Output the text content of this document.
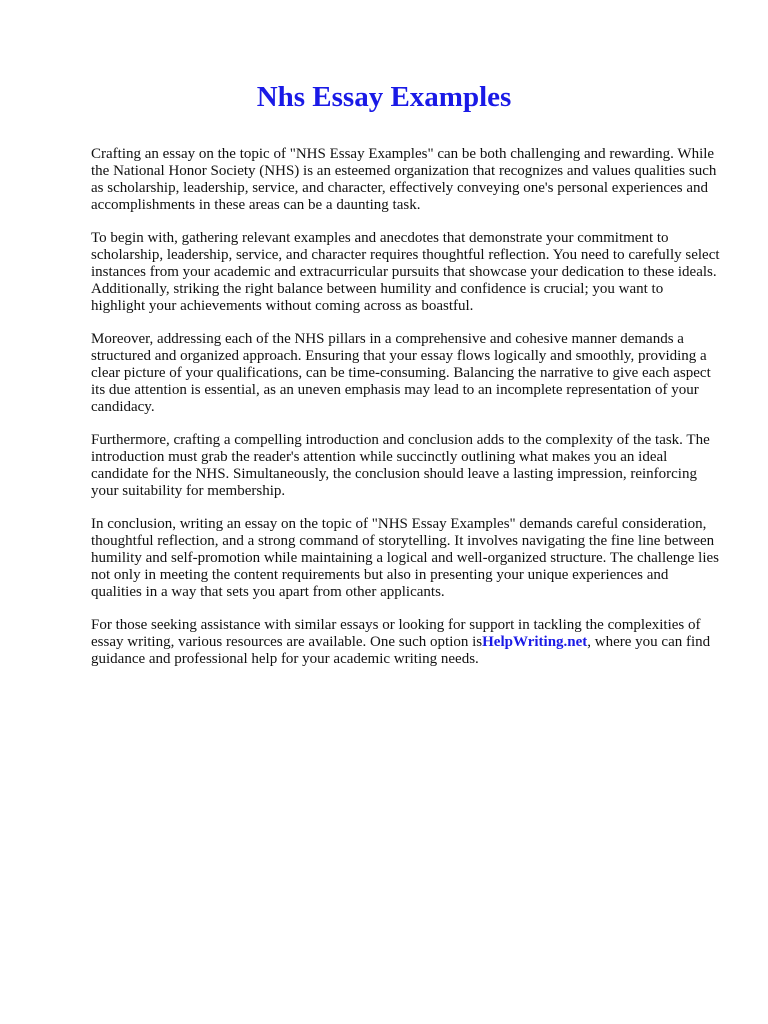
Nhs Essay Examples

Crafting an essay on the topic of "NHS Essay Examples" can be both challenging and rewarding. While the National Honor Society (NHS) is an esteemed organization that recognizes and values qualities such as scholarship, leadership, service, and character, effectively conveying one's personal experiences and accomplishments in these areas can be a daunting task.

To begin with, gathering relevant examples and anecdotes that demonstrate your commitment to scholarship, leadership, service, and character requires thoughtful reflection. You need to carefully select instances from your academic and extracurricular pursuits that showcase your dedication to these ideals. Additionally, striking the right balance between humility and confidence is crucial; you want to highlight your achievements without coming across as boastful.

Moreover, addressing each of the NHS pillars in a comprehensive and cohesive manner demands a structured and organized approach. Ensuring that your essay flows logically and smoothly, providing a clear picture of your qualifications, can be time-consuming. Balancing the narrative to give each aspect its due attention is essential, as an uneven emphasis may lead to an incomplete representation of your candidacy.

Furthermore, crafting a compelling introduction and conclusion adds to the complexity of the task. The introduction must grab the reader's attention while succinctly outlining what makes you an ideal candidate for the NHS. Simultaneously, the conclusion should leave a lasting impression, reinforcing your suitability for membership.

In conclusion, writing an essay on the topic of "NHS Essay Examples" demands careful consideration, thoughtful reflection, and a strong command of storytelling. It involves navigating the fine line between humility and self-promotion while maintaining a logical and well-organized structure. The challenge lies not only in meeting the content requirements but also in presenting your unique experiences and qualities in a way that sets you apart from other applicants.

For those seeking assistance with similar essays or looking for support in tackling the complexities of essay writing, various resources are available. One such option isHelpWriting.net, where you can find guidance and professional help for your academic writing needs.
